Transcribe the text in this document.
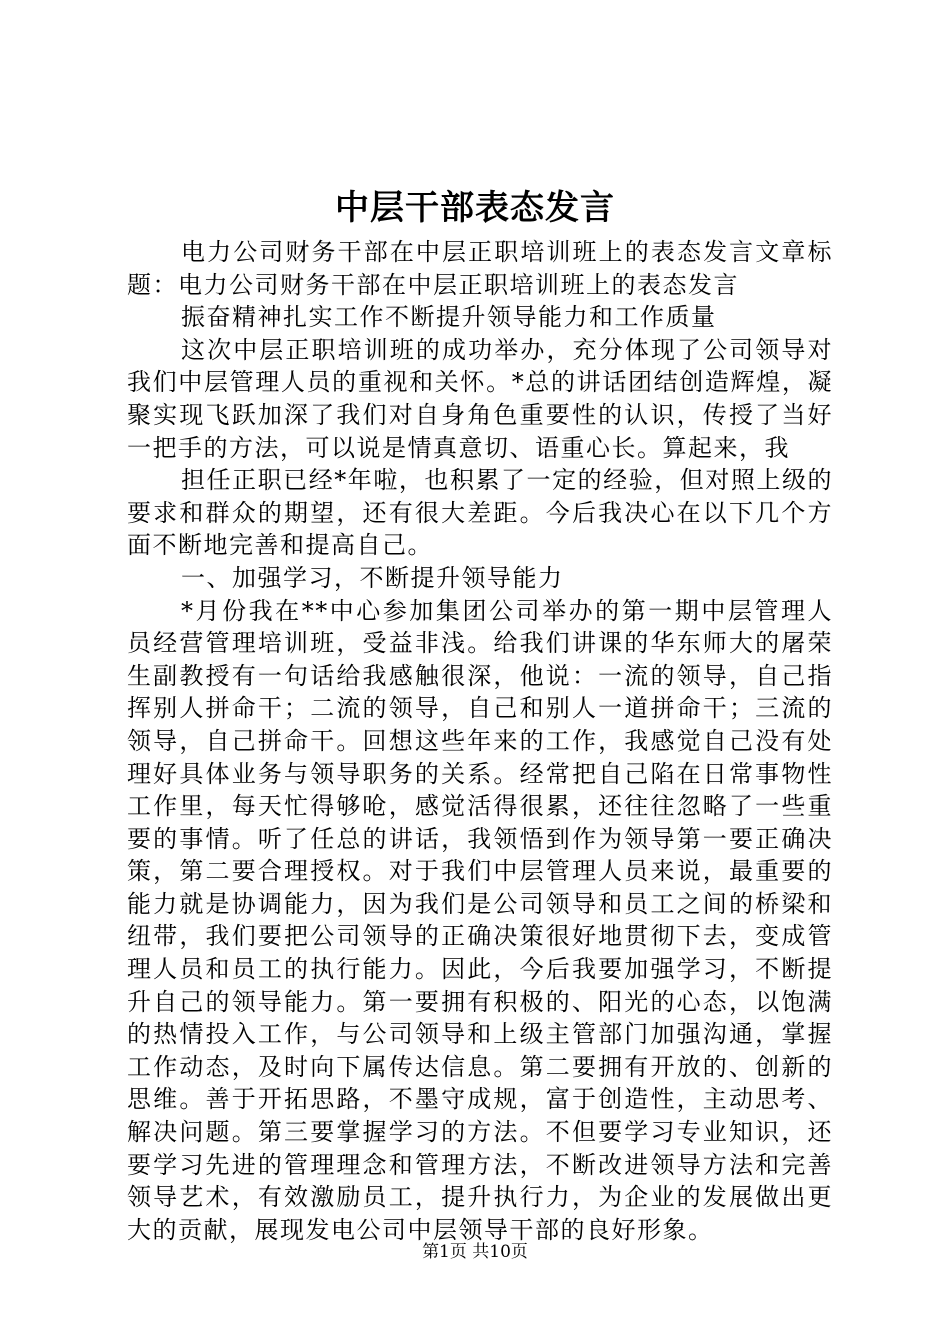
中层干部表态发言

电力公司财务干部在中层正职培训班上的表态发言文章标题：电力公司财务干部在中层正职培训班上的表态发言

振奋精神扎实工作不断提升领导能力和工作质量

这次中层正职培训班的成功举办，充分体现了公司领导对我们中层管理人员的重视和关怀。*总的讲话团结创造辉煌，凝聚实现飞跃加深了我们对自身角色重要性的认识，传授了当好一把手的方法，可以说是情真意切、语重心长。算起来，我

担任正职已经*年啦，也积累了一定的经验，但对照上级的要求和群众的期望，还有很大差距。今后我决心在以下几个方面不断地完善和提高自己。

一、加强学习，不断提升领导能力

*月份我在**中心参加集团公司举办的第一期中层管理人员经营管理培训班，受益非浅。给我们讲课的华东师大的屠荣生副教授有一句话给我感触很深，他说：一流的领导，自己指挥别人拼命干；二流的领导，自己和别人一道拼命干；三流的领导，自己拼命干。回想这些年来的工作，我感觉自己没有处理好具体业务与领导职务的关系。经常把自己陷在日常事物性工作里，每天忙得够呛，感觉活得很累，还往往忽略了一些重要的事情。听了任总的讲话，我领悟到作为领导第一要正确决策，第二要合理授权。对于我们中层管理人员来说，最重要的能力就是协调能力，因为我们是公司领导和员工之间的桥梁和纽带，我们要把公司领导的正确决策很好地贯彻下去，变成管理人员和员工的执行能力。因此，今后我要加强学习，不断提升自己的领导能力。第一要拥有积极的、阳光的心态，以饱满的热情投入工作，与公司领导和上级主管部门加强沟通，掌握工作动态，及时向下属传达信息。第二要拥有开放的、创新的思维。善于开拓思路，不墨守成规，富于创造性，主动思考、解决问题。第三要掌握学习的方法。不但要学习专业知识，还要学习先进的管理理念和管理方法，不断改进领导方法和完善领导艺术，有效激励员工，提升执行力，为企业的发展做出更大的贡献，展现发电公司中层领导干部的良好形象。

第1页 共10页
